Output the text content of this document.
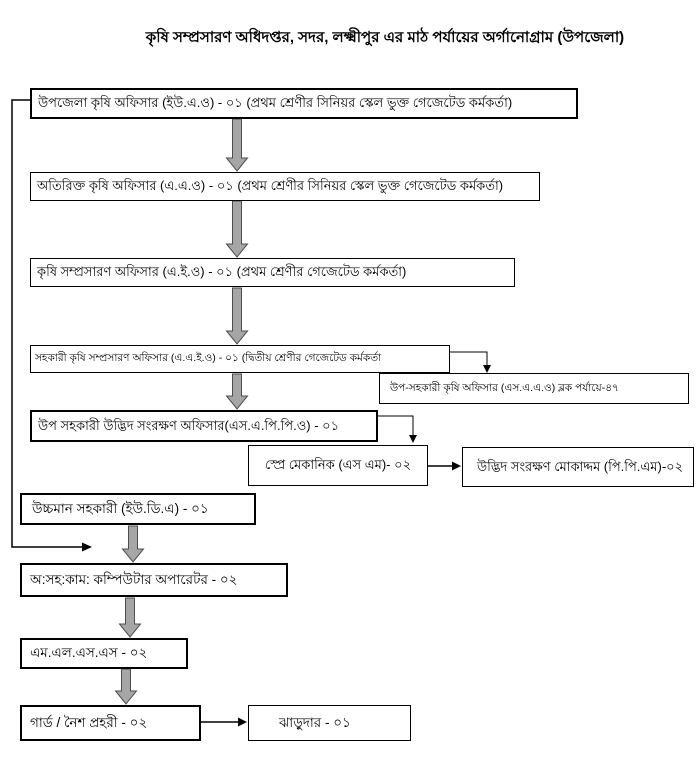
কৃষি সম্প্রসারণ অধিদপ্তর, সদর, লক্ষ্মীপুর এর মাঠ পর্যায়ের অর্গানোগ্রাম (উপজেলা)
উপজেলা কৃষি অফিসার (ইউ.এ.ও) - ০১ (প্রথম শ্রেণীর সিনিয়র স্কেল ভুক্ত গেজেটেড কর্মকর্তা)
অতিরিক্ত কৃষি অফিসার (এ.এ.ও) - ০১ (প্রথম শ্রেণীর সিনিয়র স্কেল ভুক্ত গেজেটেড কর্মকর্তা)
কৃষি সম্প্রসারণ অফিসার (এ.ই.ও) - ০১ (প্রথম শ্রেণীর গেজেটেড কর্মকর্তা)
সহকারী কৃষি সম্প্রসারণ অফিসার (এ.এ.ই.ও) - ০১ (দ্বিতীয় শ্রেণীর গেজেটেড কর্মকর্তা
উপ-সহকারী কৃষি অফিসার (এস.এ.এ.ও) ব্লক পর্যায়ে-৪৭
উপ সহকারী উদ্ভিদ সংরক্ষণ অফিসার(এস.এ.পি.পি.ও) - ০১
স্প্রে মেকানিক (এস এম)- ০২	উদ্ভিদ সংরক্ষণ মোকাদ্দম (পি.পি.এম)-০২
উচ্চমান সহকারী (ইউ.ডি.এ) - ০১
অ:সহ:কাম: কম্পিউটার অপারেটর - ০২
এম.এল.এস.এস - ০২
গার্ড / নৈশ প্রহরী - ০২	ঝাড়ুদার - ০১
